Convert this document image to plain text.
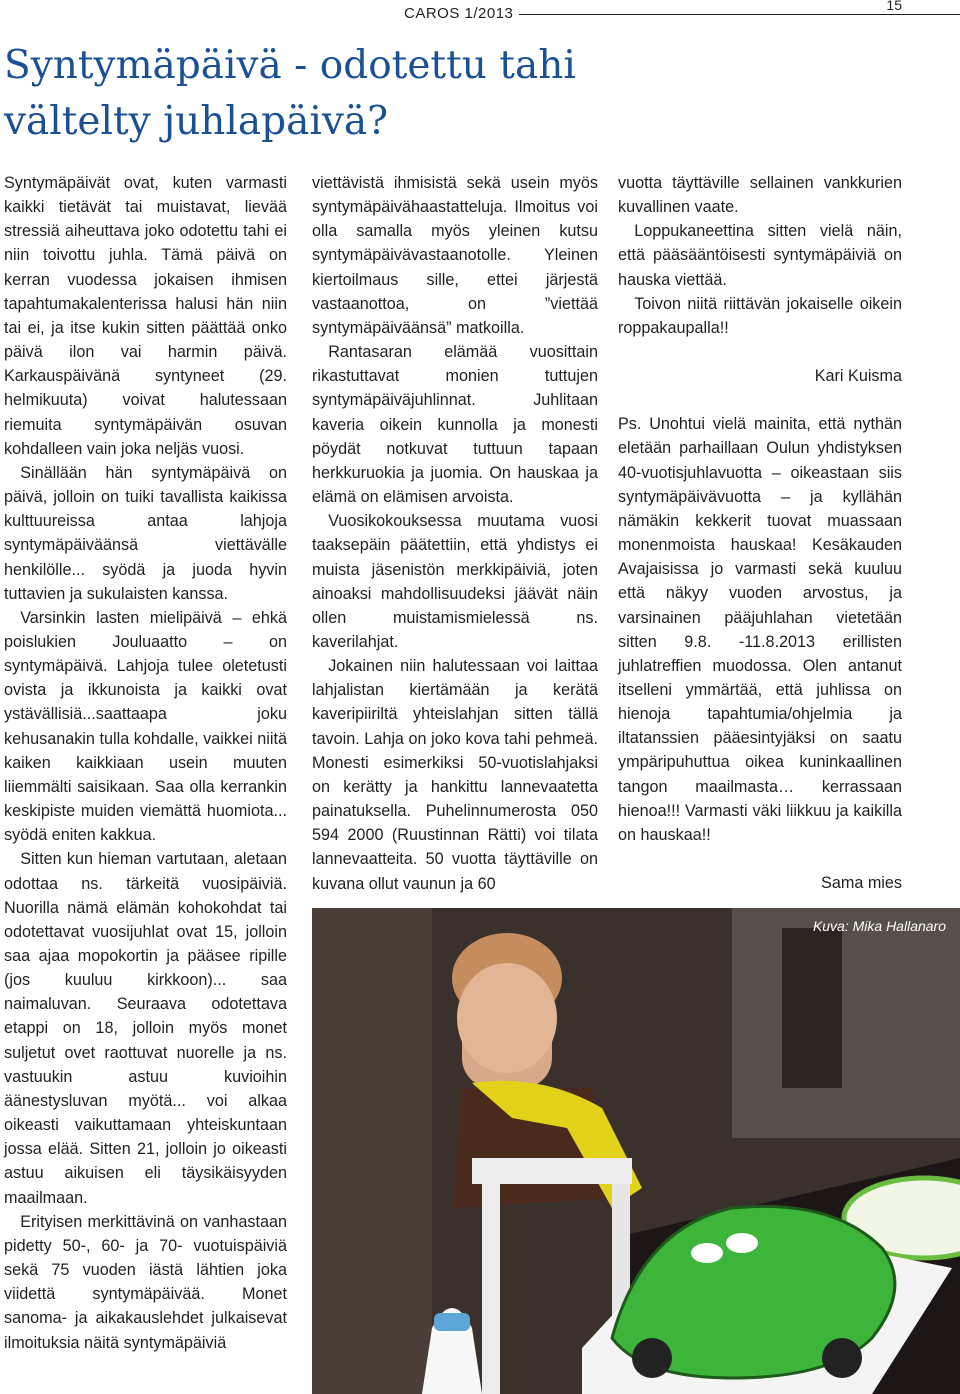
CAROS 1/2013	15
Syntymäpäivä - odotettu tahi vältelty juhlapäivä?

Syntymäpäivät ovat, kuten varmasti kaikki tietävät tai muistavat, lievää stressiä aiheuttava joko odotettu tahi ei niin toivottu juhla. Tämä päivä on kerran vuodessa jokaisen ihmisen tapahtumakalenterissa halusi hän niin tai ei, ja itse kukin sitten päättää onko päivä ilon vai harmin päivä. Karkauspäivänä syntyneet (29. helmikuuta) voivat halutessaan riemuita syntymäpäivän osuvan kohdalleen vain joka neljäs vuosi.

Sinällään hän syntymäpäivä on päivä, jolloin on tuiki tavallista kaikissa kulttuureissa antaa lahjoja syntymäpäiväänsä viettävälle henkilölle... syödä ja juoda hyvin tuttavien ja sukulaisten kanssa.

Varsinkin lasten mielipäivä – ehkä poislukien Jouluaatto – on syntymäpäivä. Lahjoja tulee oletetusti ovista ja ikkunoista ja kaikki ovat ystävällisiä...saattaapa joku kehusanakin tulla kohdalle, vaikkei niitä kaiken kaikkiaan usein muuten liiemmälti saisikaan. Saa olla kerrankin keskipiste muiden viemättä huomiota... syödä eniten kakkua.

Sitten kun hieman vartutaan, aletaan odottaa ns. tärkeitä vuosipäiviä. Nuorilla nämä elämän kohokohdat tai odotettavat vuosijuhlat ovat 15, jolloin saa ajaa mopokortin ja pääsee ripille (jos kuuluu kirkkoon)... saa naimaluvan. Seuraava odotettava etappi on 18, jolloin myös monet suljetut ovet raottuvat nuorelle ja ns. vastuukin astuu kuvioihin äänestysluvan myötä... voi alkaa oikeasti vaikuttamaan yhteiskuntaan jossa elää. Sitten 21, jolloin jo oikeasti astuu aikuisen eli täysikäisyyden maailmaan.

Erityisen merkittävinä on vanhastaan pidetty 50-, 60- ja 70- vuotuispäiviä sekä 75 vuoden iästä lähtien joka viidettä syntymäpäivää. Monet sanoma- ja aikakauslehdet julkaisevat ilmoituksia näitä syntymäpäiviä

viettävistä ihmisistä sekä usein myös syntymäpäivähaastatteluja. Ilmoitus voi olla samalla myös yleinen kutsu syntymäpäivävastaanotolle. Yleinen kiertoilmaus sille, ettei järjestä vastaanottoa, on ”viettää syntymäpäiväänsä” matkoilla.

Rantasaran elämää vuosittain rikastuttavat monien tuttujen syntymäpäiväjuhlinnat. Juhlitaan kaveria oikein kunnolla ja monesti pöydät notkuvat tuttuun tapaan herkkuruokia ja juomia. On hauskaa ja elämä on elämisen arvoista.

Vuosikokouksessa muutama vuosi taaksepäin päätettiin, että yhdistys ei muista jäsenistön merkkipäiviä, joten ainoaksi mahdollisuudeksi jäävät näin ollen muistamismielessä ns. kaverilahjat.

Jokainen niin halutessaan voi laittaa lahjalistan kiertämään ja kerätä kaveripiiriltä yhteislahjan sitten tällä tavoin. Lahja on joko kova tahi pehmeä. Monesti esimerkiksi 50-vuotislahjaksi on kerätty ja hankittu lannevaatetta painatuksella. Puhelinnumerosta 050 594 2000 (Ruustinnan Rätti) voi tilata lannevaatteita. 50 vuotta täyttäville on kuvana ollut vaunun ja 60

vuotta täyttäville sellainen vankkurien kuvallinen vaate.

Loppukaneettina sitten vielä näin, että pääsääntöisesti syntymäpäiviä on hauska viettää.

Toivon niitä riittävän jokaiselle oikein roppakaupalla!!

Kari Kuisma

Ps. Unohtui vielä mainita, että nythän eletään parhaillaan Oulun yhdistyksen 40-vuotisjuhlavuotta – oikeastaan siis syntymäpäivävuotta – ja kyllähän nämäkin kekkerit tuovat muassaan monenmoista hauskaa! Kesäkauden Avajaisissa jo varmasti sekä kuuluu että näkyy vuoden arvostus, ja varsinainen pääjuhlahan vietetään sitten 9.8. -11.8.2013 erillisten juhlatreffien muodossa. Olen antanut itselleni ymmärtää, että juhlissa on hienoja tapahtumia/ohjelmia ja iltatanssien pääesintyjäksi on saatu ympäripuhuttua oikea kuninkaallinen tangon maailmasta… kerrassaan hienoa!!! Varmasti väki liikkuu ja kaikilla on hauskaa!!

Sama mies

Kuva: Mika Hallanaro
